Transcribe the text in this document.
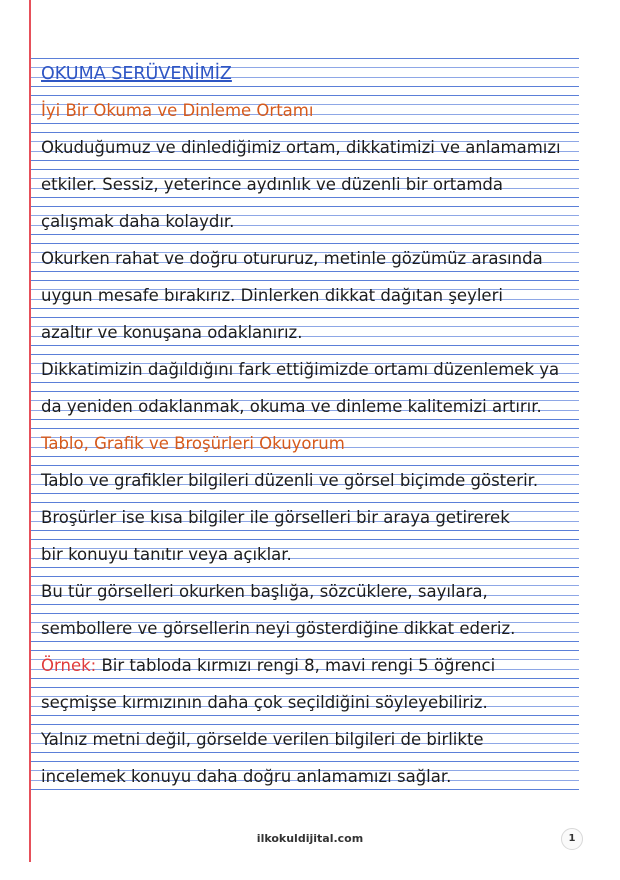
OKUMA SERÜVENİMİZ
İyi Bir Okuma ve Dinleme Ortamı
Okuduğumuz ve dinlediğimiz ortam, dikkatimizi ve anlamamızı
etkiler. Sessiz, yeterince aydınlık ve düzenli bir ortamda
çalışmak daha kolaydır.
Okurken rahat ve doğru otururuz, metinle gözümüz arasında
uygun mesafe bırakırız. Dinlerken dikkat dağıtan şeyleri
azaltır ve konuşana odaklanırız.
Dikkatimizin dağıldığını fark ettiğimizde ortamı düzenlemek ya
da yeniden odaklanmak, okuma ve dinleme kalitemizi artırır.
Tablo, Grafik ve Broşürleri Okuyorum
Tablo ve grafikler bilgileri düzenli ve görsel biçimde gösterir.
Broşürler ise kısa bilgiler ile görselleri bir araya getirerek
bir konuyu tanıtır veya açıklar.
Bu tür görselleri okurken başlığa, sözcüklere, sayılara,
sembollere ve görsellerin neyi gösterdiğine dikkat ederiz.
Örnek: Bir tabloda kırmızı rengi 8, mavi rengi 5 öğrenci
seçmişse kırmızının daha çok seçildiğini söyleyebiliriz.
Yalnız metni değil, görselde verilen bilgileri de birlikte
incelemek konuyu daha doğru anlamamızı sağlar.
ilkokuldijital.com	1
